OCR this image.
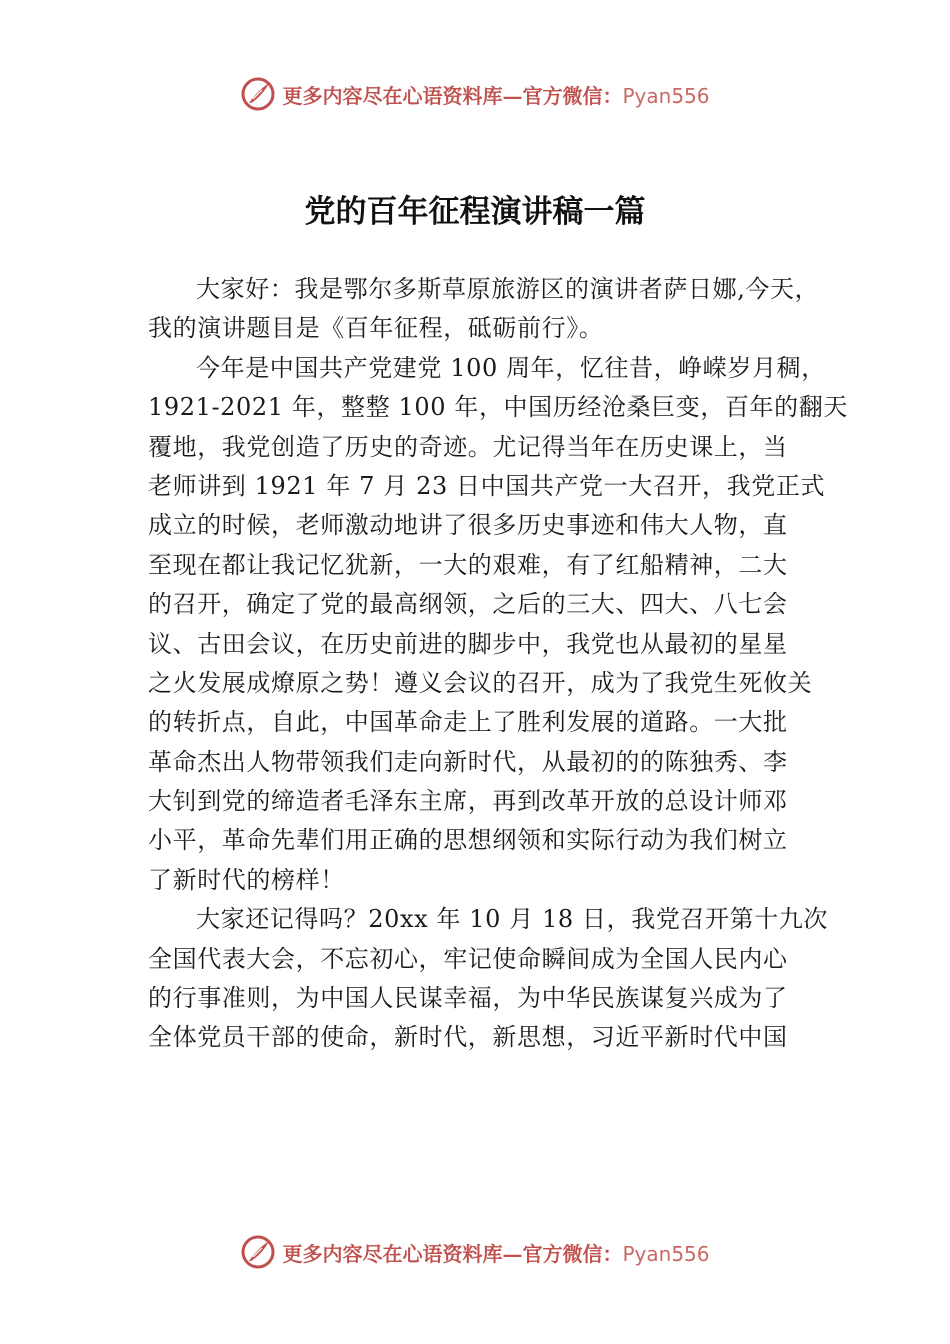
更多内容尽在心语资料库—官方微信：Pyan556
党的百年征程演讲稿一篇
大家好：我是鄂尔多斯草原旅游区的演讲者萨日娜,今天，
我的演讲题目是《百年征程，砥砺前行》。
今年是中国共产党建党 100 周年，忆往昔，峥嵘岁月稠，
1921-2021 年，整整 100 年，中国历经沧桑巨变，百年的翻天
覆地，我党创造了历史的奇迹。尤记得当年在历史课上，当
老师讲到 1921 年 7 月 23 日中国共产党一大召开，我党正式
成立的时候，老师激动地讲了很多历史事迹和伟大人物，直
至现在都让我记忆犹新，一大的艰难，有了红船精神，二大
的召开，确定了党的最高纲领，之后的三大、四大、八七会
议、古田会议，在历史前进的脚步中，我党也从最初的星星
之火发展成燎原之势！遵义会议的召开，成为了我党生死攸关
的转折点，自此，中国革命走上了胜利发展的道路。一大批
革命杰出人物带领我们走向新时代，从最初的的陈独秀、李
大钊到党的缔造者毛泽东主席，再到改革开放的总设计师邓
小平，革命先辈们用正确的思想纲领和实际行动为我们树立
了新时代的榜样！
大家还记得吗？20xx 年 10 月 18 日，我党召开第十九次
全国代表大会，不忘初心，牢记使命瞬间成为全国人民内心
的行事准则，为中国人民谋幸福，为中华民族谋复兴成为了
全体党员干部的使命，新时代，新思想，习近平新时代中国
更多内容尽在心语资料库—官方微信：Pyan556
